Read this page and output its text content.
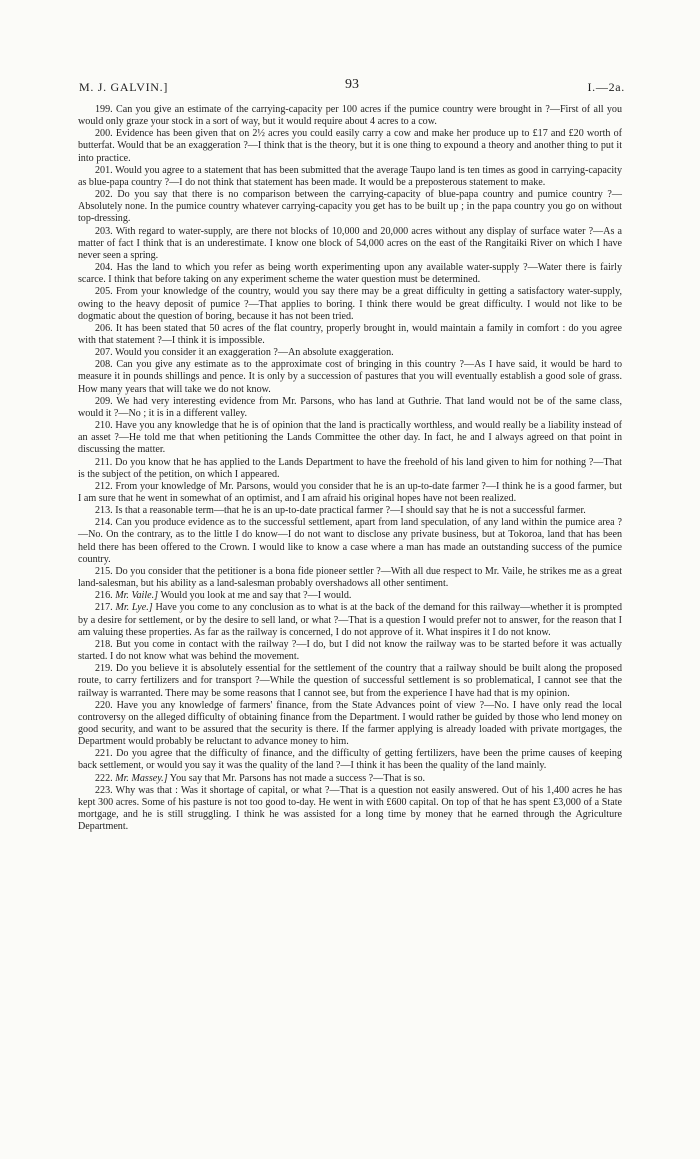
M. J. GALVIN.]	93	I.—2a.

199. Can you give an estimate of the carrying-capacity per 100 acres if the pumice country were brought in ?—First of all you would only graze your stock in a sort of way, but it would require about 4 acres to a cow.

200. Evidence has been given that on 2½ acres you could easily carry a cow and make her produce up to £17 and £20 worth of butterfat. Would that be an exaggeration ?—I think that is the theory, but it is one thing to expound a theory and another thing to put it into practice.

201. Would you agree to a statement that has been submitted that the average Taupo land is ten times as good in carrying-capacity as blue-papa country ?—I do not think that statement has been made. It would be a preposterous statement to make.

202. Do you say that there is no comparison between the carrying-capacity of blue-papa country and pumice country ?—Absolutely none. In the pumice country whatever carrying-capacity you get has to be built up ; in the papa country you go on without top-dressing.

203. With regard to water-supply, are there not blocks of 10,000 and 20,000 acres without any display of surface water ?—As a matter of fact I think that is an underestimate. I know one block of 54,000 acres on the east of the Rangitaiki River on which I have never seen a spring.

204. Has the land to which you refer as being worth experimenting upon any available water-supply ?—Water there is fairly scarce. I think that before taking on any experiment scheme the water question must be determined.

205. From your knowledge of the country, would you say there may be a great difficulty in getting a satisfactory water-supply, owing to the heavy deposit of pumice ?—That applies to boring. I think there would be great difficulty. I would not like to be dogmatic about the question of boring, because it has not been tried.

206. It has been stated that 50 acres of the flat country, properly brought in, would maintain a family in comfort : do you agree with that statement ?—I think it is impossible.

207. Would you consider it an exaggeration ?—An absolute exaggeration.

208. Can you give any estimate as to the approximate cost of bringing in this country ?—As I have said, it would be hard to measure it in pounds shillings and pence. It is only by a succession of pastures that you will eventually establish a good sole of grass. How many years that will take we do not know.

209. We had very interesting evidence from Mr. Parsons, who has land at Guthrie. That land would not be of the same class, would it ?—No ; it is in a different valley.

210. Have you any knowledge that he is of opinion that the land is practically worthless, and would really be a liability instead of an asset ?—He told me that when petitioning the Lands Committee the other day. In fact, he and I always agreed on that point in discussing the matter.

211. Do you know that he has applied to the Lands Department to have the freehold of his land given to him for nothing ?—That is the subject of the petition, on which I appeared.

212. From your knowledge of Mr. Parsons, would you consider that he is an up-to-date farmer ?—I think he is a good farmer, but I am sure that he went in somewhat of an optimist, and I am afraid his original hopes have not been realized.

213. Is that a reasonable term—that he is an up-to-date practical farmer ?—I should say that he is not a successful farmer.

214. Can you produce evidence as to the successful settlement, apart from land speculation, of any land within the pumice area ?—No. On the contrary, as to the little I do know—I do not want to disclose any private business, but at Tokoroa, land that has been held there has been offered to the Crown. I would like to know a case where a man has made an outstanding success of the pumice country.

215. Do you consider that the petitioner is a bona fide pioneer settler ?—With all due respect to Mr. Vaile, he strikes me as a great land-salesman, but his ability as a land-salesman probably overshadows all other sentiment.

216. Mr. Vaile.] Would you look at me and say that ?—I would.

217. Mr. Lye.] Have you come to any conclusion as to what is at the back of the demand for this railway—whether it is prompted by a desire for settlement, or by the desire to sell land, or what ?—That is a question I would prefer not to answer, for the reason that I am valuing these properties. As far as the railway is concerned, I do not approve of it. What inspires it I do not know.

218. But you come in contact with the railway ?—I do, but I did not know the railway was to be started before it was actually started. I do not know what was behind the movement.

219. Do you believe it is absolutely essential for the settlement of the country that a railway should be built along the proposed route, to carry fertilizers and for transport ?—While the question of successful settlement is so problematical, I cannot see that the railway is warranted. There may be some reasons that I cannot see, but from the experience I have had that is my opinion.

220. Have you any knowledge of farmers' finance, from the State Advances point of view ?—No. I have only read the local controversy on the alleged difficulty of obtaining finance from the Department. I would rather be guided by those who lend money on good security, and want to be assured that the security is there. If the farmer applying is already loaded with private mortgages, the Department would probably be reluctant to advance money to him.

221. Do you agree that the difficulty of finance, and the difficulty of getting fertilizers, have been the prime causes of keeping back settlement, or would you say it was the quality of the land ?—I think it has been the quality of the land mainly.

222. Mr. Massey.] You say that Mr. Parsons has not made a success ?—That is so.

223. Why was that : Was it shortage of capital, or what ?—That is a question not easily answered. Out of his 1,400 acres he has kept 300 acres. Some of his pasture is not too good to-day. He went in with £600 capital. On top of that he has spent £3,000 of a State mortgage, and he is still struggling. I think he was assisted for a long time by money that he earned through the Agriculture Department.
